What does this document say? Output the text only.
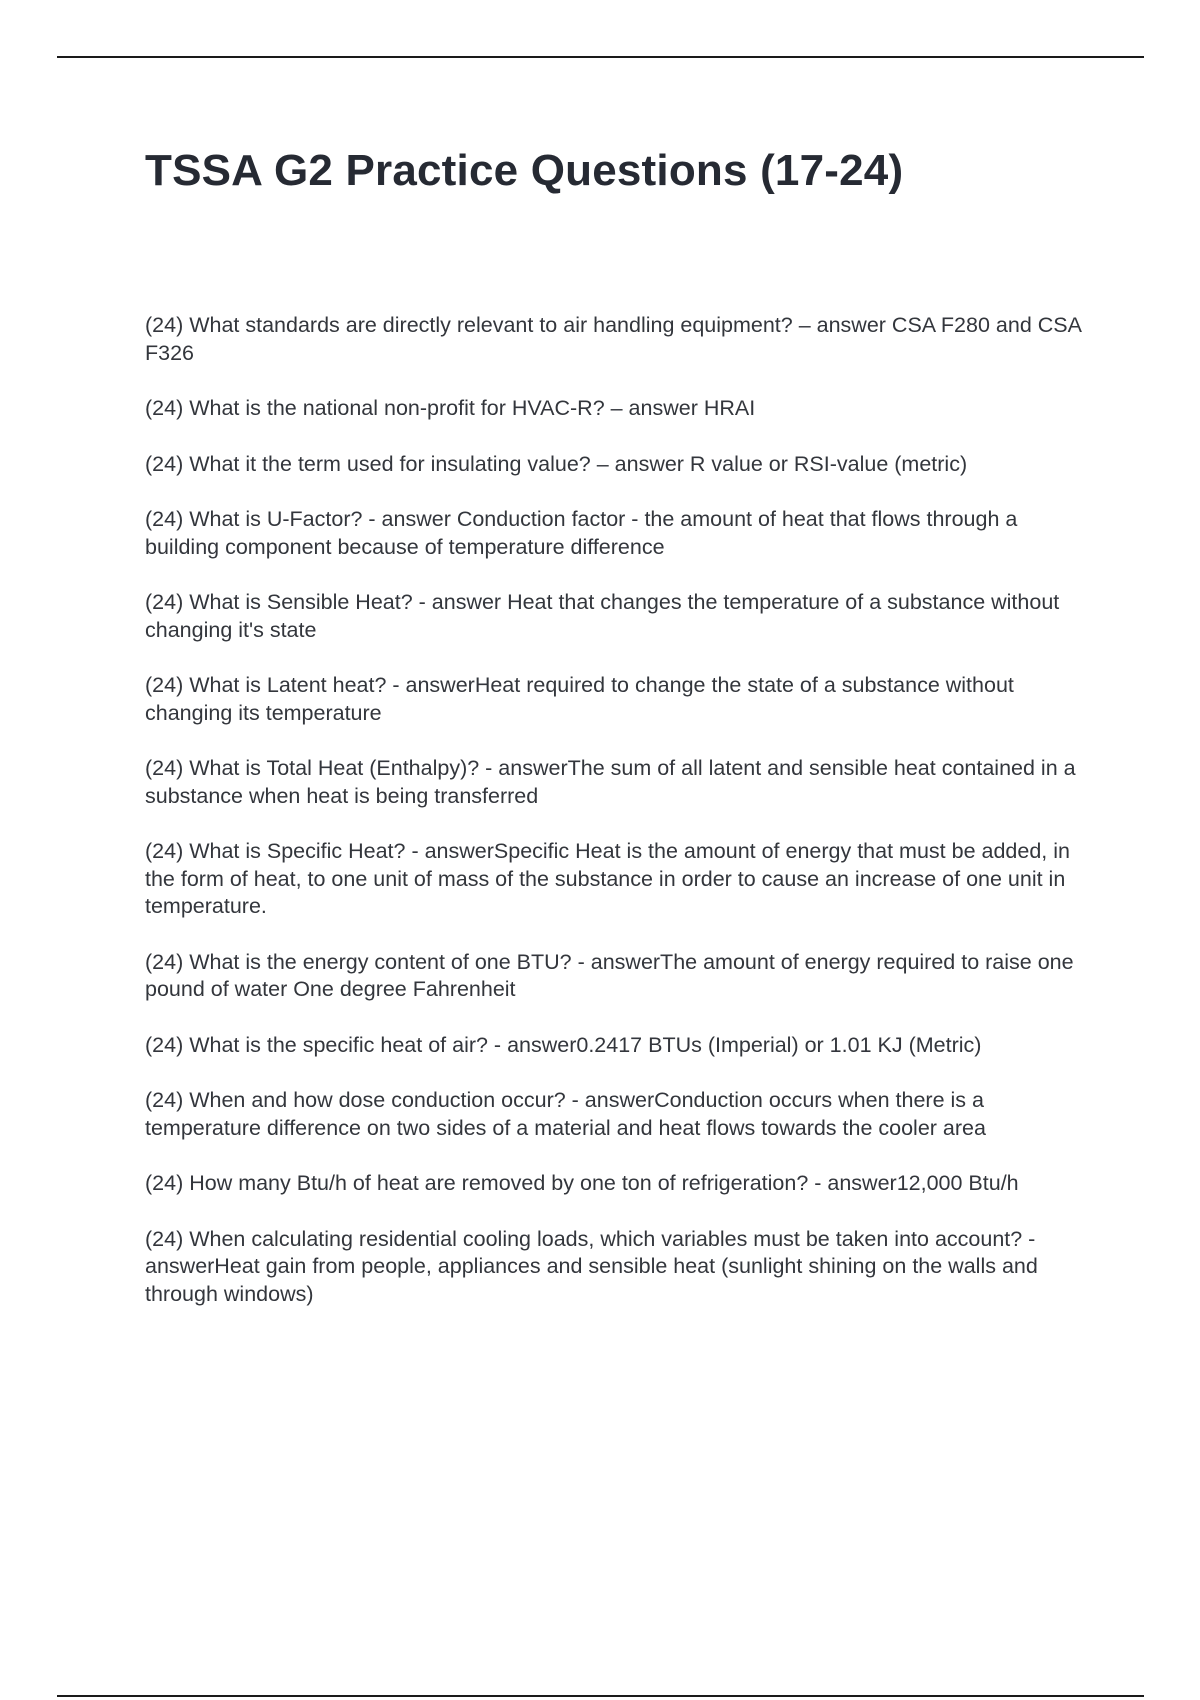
TSSA G2 Practice Questions (17-24)
(24) What standards are directly relevant to air handling equipment? – answer CSA F280 and CSA F326
(24) What is the national non-profit for HVAC-R? – answer HRAI
(24) What it the term used for insulating value? – answer R value or RSI-value (metric)
(24) What is U-Factor? - answer Conduction factor - the amount of heat that flows through a building component because of temperature difference
(24) What is Sensible Heat? - answer Heat that changes the temperature of a substance without changing it's state
(24) What is Latent heat? - answerHeat required to change the state of a substance without changing its temperature
(24) What is Total Heat (Enthalpy)? - answerThe sum of all latent and sensible heat contained in a substance when heat is being transferred
(24) What is Specific Heat? - answerSpecific Heat is the amount of energy that must be added, in the form of heat, to one unit of mass of the substance in order to cause an increase of one unit in temperature.
(24) What is the energy content of one BTU? - answerThe amount of energy required to raise one pound of water One degree Fahrenheit
(24) What is the specific heat of air? - answer0.2417 BTUs (Imperial) or 1.01 KJ (Metric)
(24) When and how dose conduction occur? - answerConduction occurs when there is a temperature difference on two sides of a material and heat flows towards the cooler area
(24) How many Btu/h of heat are removed by one ton of refrigeration? - answer12,000 Btu/h
(24) When calculating residential cooling loads, which variables must be taken into account? - answerHeat gain from people, appliances and sensible heat (sunlight shining on the walls and through windows)
